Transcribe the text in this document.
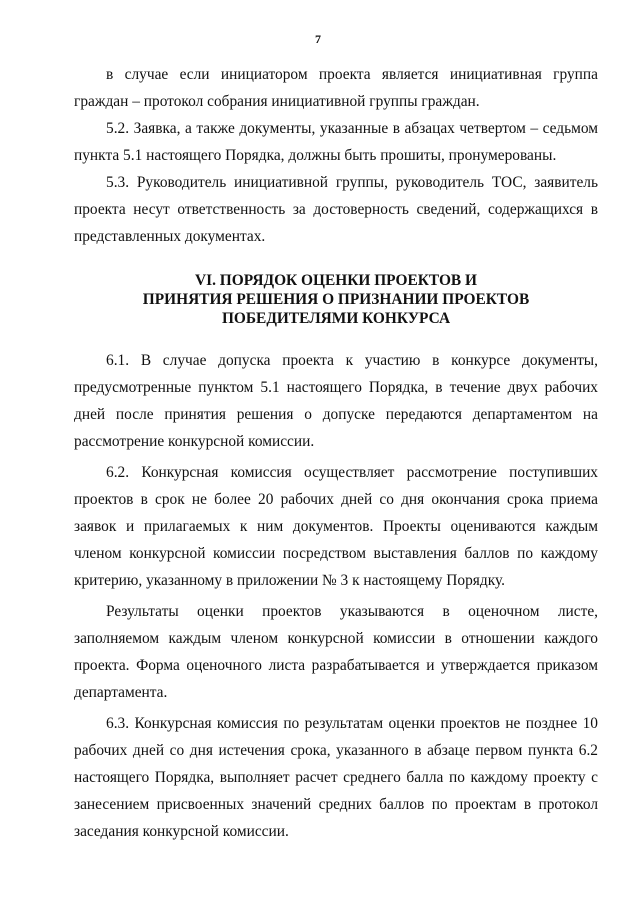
7

в случае если инициатором проекта является инициативная группа граждан – протокол собрания инициативной группы граждан.

5.2. Заявка, а также документы, указанные в абзацах четвертом – седьмом пункта 5.1 настоящего Порядка, должны быть прошиты, пронумерованы.

5.3. Руководитель инициативной группы, руководитель ТОС, заявитель проекта несут ответственность за достоверность сведений, содержащихся в представленных документах.

VI. ПОРЯДОК ОЦЕНКИ ПРОЕКТОВ И
ПРИНЯТИЯ РЕШЕНИЯ О ПРИЗНАНИИ ПРОЕКТОВ
ПОБЕДИТЕЛЯМИ КОНКУРСА

6.1. В случае допуска проекта к участию в конкурсе документы, предусмотренные пунктом 5.1 настоящего Порядка, в течение двух рабочих дней после принятия решения о допуске передаются департаментом на рассмотрение конкурсной комиссии.

6.2. Конкурсная комиссия осуществляет рассмотрение поступивших проектов в срок не более 20 рабочих дней со дня окончания срока приема заявок и прилагаемых к ним документов. Проекты оцениваются каждым членом конкурсной комиссии посредством выставления баллов по каждому критерию, указанному в приложении № 3 к настоящему Порядку.

Результаты оценки проектов указываются в оценочном листе, заполняемом каждым членом конкурсной комиссии в отношении каждого проекта. Форма оценочного листа разрабатывается и утверждается приказом департамента.

6.3. Конкурсная комиссия по результатам оценки проектов не позднее 10 рабочих дней со дня истечения срока, указанного в абзаце первом пункта 6.2 настоящего Порядка, выполняет расчет среднего балла по каждому проекту с занесением присвоенных значений средних баллов по проектам в протокол заседания конкурсной комиссии.
